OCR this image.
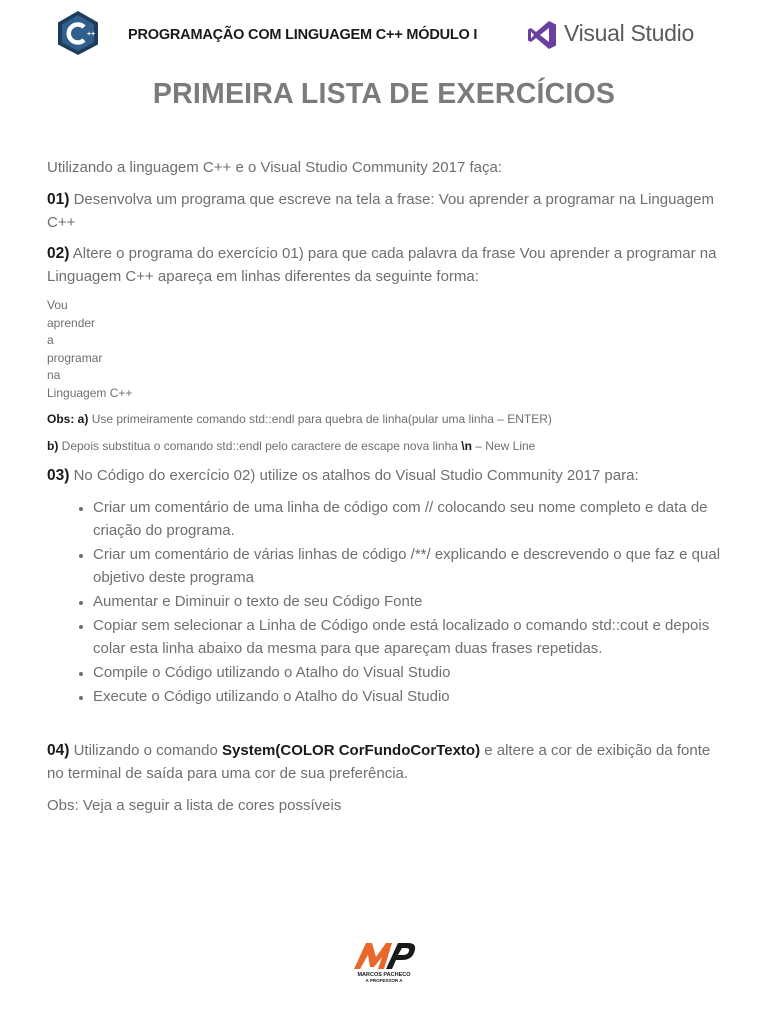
++ PROGRAMAÇÃO COM LINGUAGEM C++ MÓDULO I	Visual Studio
PRIMEIRA LISTA DE EXERCÍCIOS

Utilizando a linguagem C++ e o Visual Studio Community 2017 faça:

01) Desenvolva um programa que escreve na tela a frase: Vou aprender a programar na Linguagem C++

02) Altere o programa do exercício 01) para que cada palavra da frase Vou aprender a programar na Linguagem C++ apareça em linhas diferentes da seguinte forma:

Vou
aprender
a
programar
na
Linguagem C++

Obs: a) Use primeiramente comando std::endl para quebra de linha(pular uma linha – ENTER)

b) Depois substitua o comando std::endl pelo caractere de escape nova linha \n – New Line

03) No Código do exercício 02) utilize os atalhos do Visual Studio Community 2017 para:

• Criar um comentário de uma linha de código com // colocando seu nome completo e data de criação do programa.
• Criar um comentário de várias linhas de código /**/ explicando e descrevendo o que faz e qual objetivo deste programa
• Aumentar e Diminuir o texto de seu Código Fonte
• Copiar sem selecionar a Linha de Código onde está localizado o comando std::cout e depois colar esta linha abaixo da mesma para que apareçam duas frases repetidas.
• Compile o Código utilizando o Atalho do Visual Studio
• Execute o Código utilizando o Atalho do Visual Studio

04) Utilizando o comando System(COLOR CorFundoCorTexto) e altere a cor de exibição da fonte no terminal de saída para uma cor de sua preferência.

Obs: Veja a seguir a lista de cores possíveis

MARCOS PACHECO
A PROFESSOR A
